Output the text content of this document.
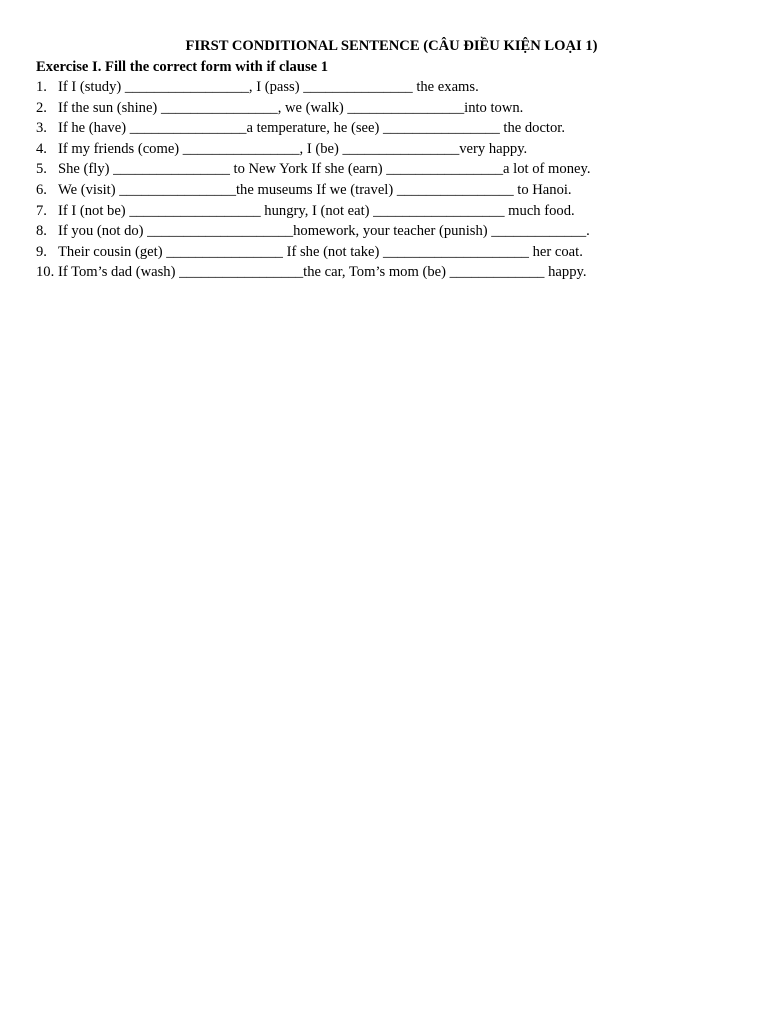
FIRST CONDITIONAL SENTENCE (CÂU ĐIỀU KIỆN LOẠI 1)
Exercise I. Fill the correct form with if clause 1
1. If I (study) _________________, I (pass) _______________ the exams.
2. If the sun (shine) ________________, we (walk) ________________into town.
3. If he (have) ________________a temperature, he (see) ________________ the doctor.
4. If my friends (come) ________________, I (be) ________________very happy.
5. She (fly) ________________ to New York If she (earn) ________________a lot of money.
6. We (visit) ________________the museums If we (travel) ________________ to Hanoi.
7. If I (not be) __________________ hungry, I (not eat) __________________ much food.
8. If you (not do) ____________________homework, your teacher (punish) _____________.
9. Their cousin (get) ________________ If she (not take) ____________________ her coat.
10. If Tom’s dad (wash) _________________the car, Tom’s mom (be) _____________ happy.
